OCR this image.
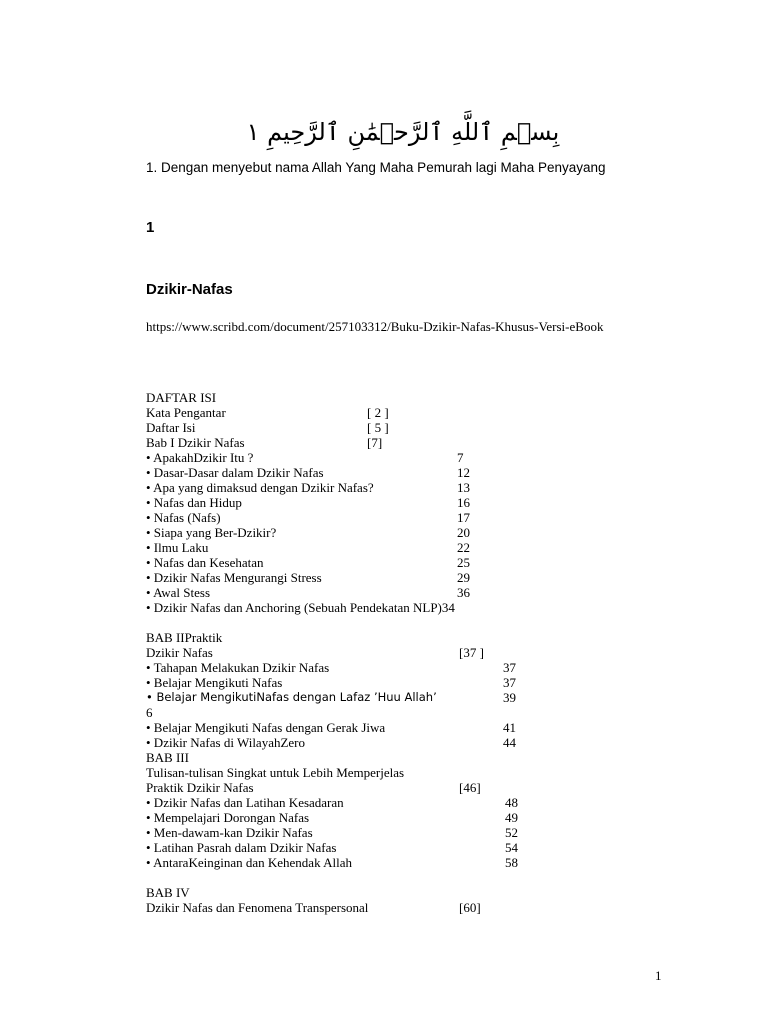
بِسۡمِ ٱللَّهِ ٱلرَّحۡمَٰنِ ٱلرَّحِيمِ ١
1. Dengan menyebut nama Allah Yang Maha Pemurah lagi Maha Penyayang
1
Dzikir-Nafas
https://www.scribd.com/document/257103312/Buku-Dzikir-Nafas-Khusus-Versi-eBook
DAFTAR ISI
Kata Pengantar	[ 2 ]
Daftar Isi	[ 5 ]
Bab I Dzikir Nafas	[7]
• ApakahDzikir Itu ?	7
• Dasar-Dasar dalam Dzikir Nafas	12
• Apa yang dimaksud dengan Dzikir Nafas?	13
• Nafas dan Hidup	16
• Nafas (Nafs)	17
• Siapa yang Ber-Dzikir?	20
• Ilmu Laku	22
• Nafas dan Kesehatan	25
• Dzikir Nafas Mengurangi Stress	29
• Awal Stess	36
• Dzikir Nafas dan Anchoring (Sebuah Pendekatan NLP)34
BAB IIPraktik
Dzikir Nafas	[37 ]
• Tahapan Melakukan Dzikir Nafas	37
• Belajar Mengikuti Nafas	37
• Belajar MengikutiNafas dengan Lafaz ’Huu Allah’	39
6
• Belajar Mengikuti Nafas dengan Gerak Jiwa	41
• Dzikir Nafas di WilayahZero	44
BAB III
Tulisan-tulisan Singkat untuk Lebih Memperjelas
Praktik Dzikir Nafas	[46]
• Dzikir Nafas dan Latihan Kesadaran	48
• Mempelajari Dorongan Nafas	49
• Men-dawam-kan Dzikir Nafas	52
• Latihan Pasrah dalam Dzikir Nafas	54
• AntaraKeinginan dan Kehendak Allah	58
BAB IV
Dzikir Nafas dan Fenomena Transpersonal	[60]
1
